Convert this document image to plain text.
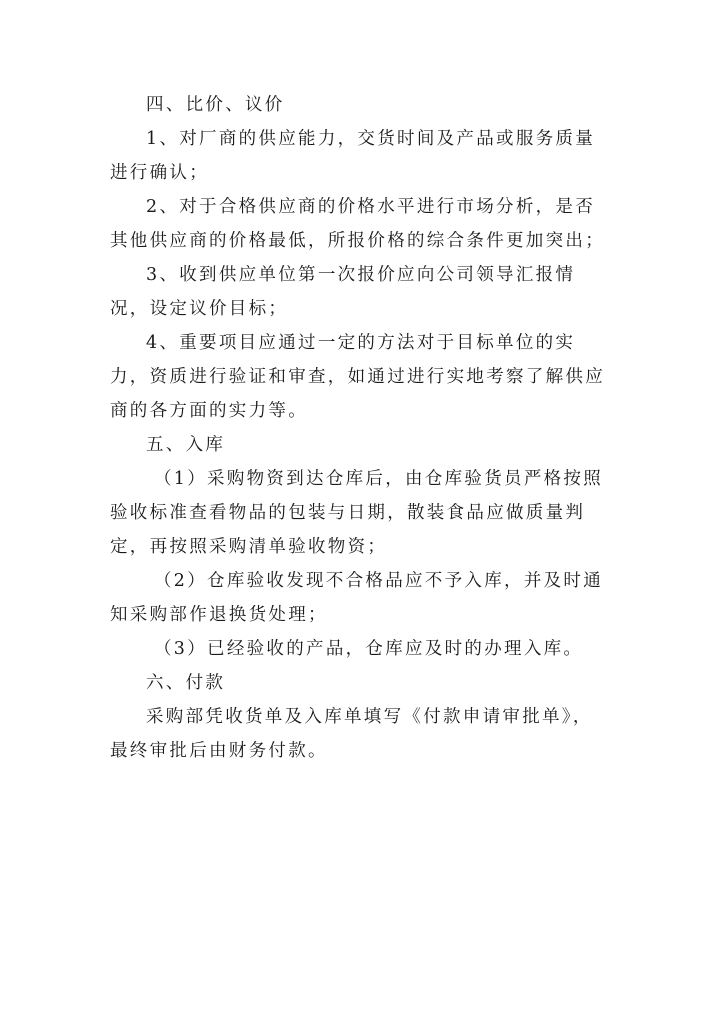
四、比价、议价

1、对厂商的供应能力，交货时间及产品或服务质量进行确认；

2、对于合格供应商的价格水平进行市场分析，是否其他供应商的价格最低，所报价格的综合条件更加突出；

3、收到供应单位第一次报价应向公司领导汇报情况，设定议价目标；

4、重要项目应通过一定的方法对于目标单位的实力，资质进行验证和审查，如通过进行实地考察了解供应商的各方面的实力等。

五、入库

（1）采购物资到达仓库后，由仓库验货员严格按照验收标准查看物品的包装与日期，散装食品应做质量判定，再按照采购清单验收物资；

（2）仓库验收发现不合格品应不予入库，并及时通知采购部作退换货处理；

（3）已经验收的产品，仓库应及时的办理入库。

六、付款

采购部凭收货单及入库单填写《付款申请审批单》，最终审批后由财务付款。
